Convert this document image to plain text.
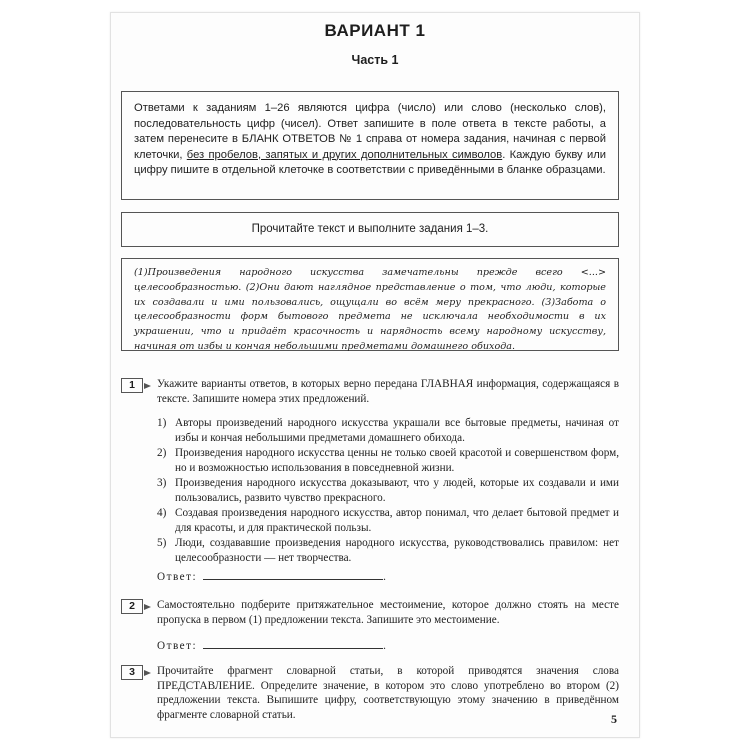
ВАРИАНТ 1
Часть 1

Ответами к заданиям 1–26 являются цифра (число) или слово (несколько слов), последовательность цифр (чисел). Ответ запишите в поле ответа в тексте работы, а затем перенесите в БЛАНК ОТВЕТОВ № 1 справа от номера задания, начиная с первой клеточки, без пробелов, запятых и других дополнительных символов. Каждую букву или цифру пишите в отдельной клеточке в соответствии с приведёнными в бланке образцами.

Прочитайте текст и выполните задания 1–3.

(1)Произведения народного искусства замечательны прежде всего <...> целесообразностью. (2)Они дают наглядное представление о том, что люди, которые их создавали и ими пользовались, ощущали во всём меру прекрасного. (3)Забота о целесообразности форм бытового предмета не исключала необходимости в их украшении, что и придаёт красочность и нарядность всему народному искусству, начиная от избы и кончая небольшими предметами домашнего обихода.

1	Укажите варианты ответов, в которых верно передана ГЛАВНАЯ информация, содержащаяся в тексте. Запишите номера этих предложений.

1) Авторы произведений народного искусства украшали все бытовые предметы, начиная от избы и кончая небольшими предметами домашнего обихода.
2) Произведения народного искусства ценны не только своей красотой и совершенством форм, но и возможностью использования в повседневной жизни.
3) Произведения народного искусства доказывают, что у людей, которые их создавали и ими пользовались, развито чувство прекрасного.
4) Создавая произведения народного искусства, автор понимал, что делает бытовой предмет и для красоты, и для практической пользы.
5) Люди, создававшие произведения народного искусства, руководствовались правилом: нет целесообразности — нет творчества.
Ответ:	.
2	Самостоятельно подберите притяжательное местоимение, которое должно стоять на месте пропуска в первом (1) предложении текста. Запишите это местоимение.

Ответ:	.
3	Прочитайте фрагмент словарной статьи, в которой приводятся значения слова ПРЕДСТАВЛЕНИЕ. Определите значение, в котором это слово употреблено во втором (2) предложении текста. Выпишите цифру, соответствующую этому значению в приведённом фрагменте словарной статьи.	5
